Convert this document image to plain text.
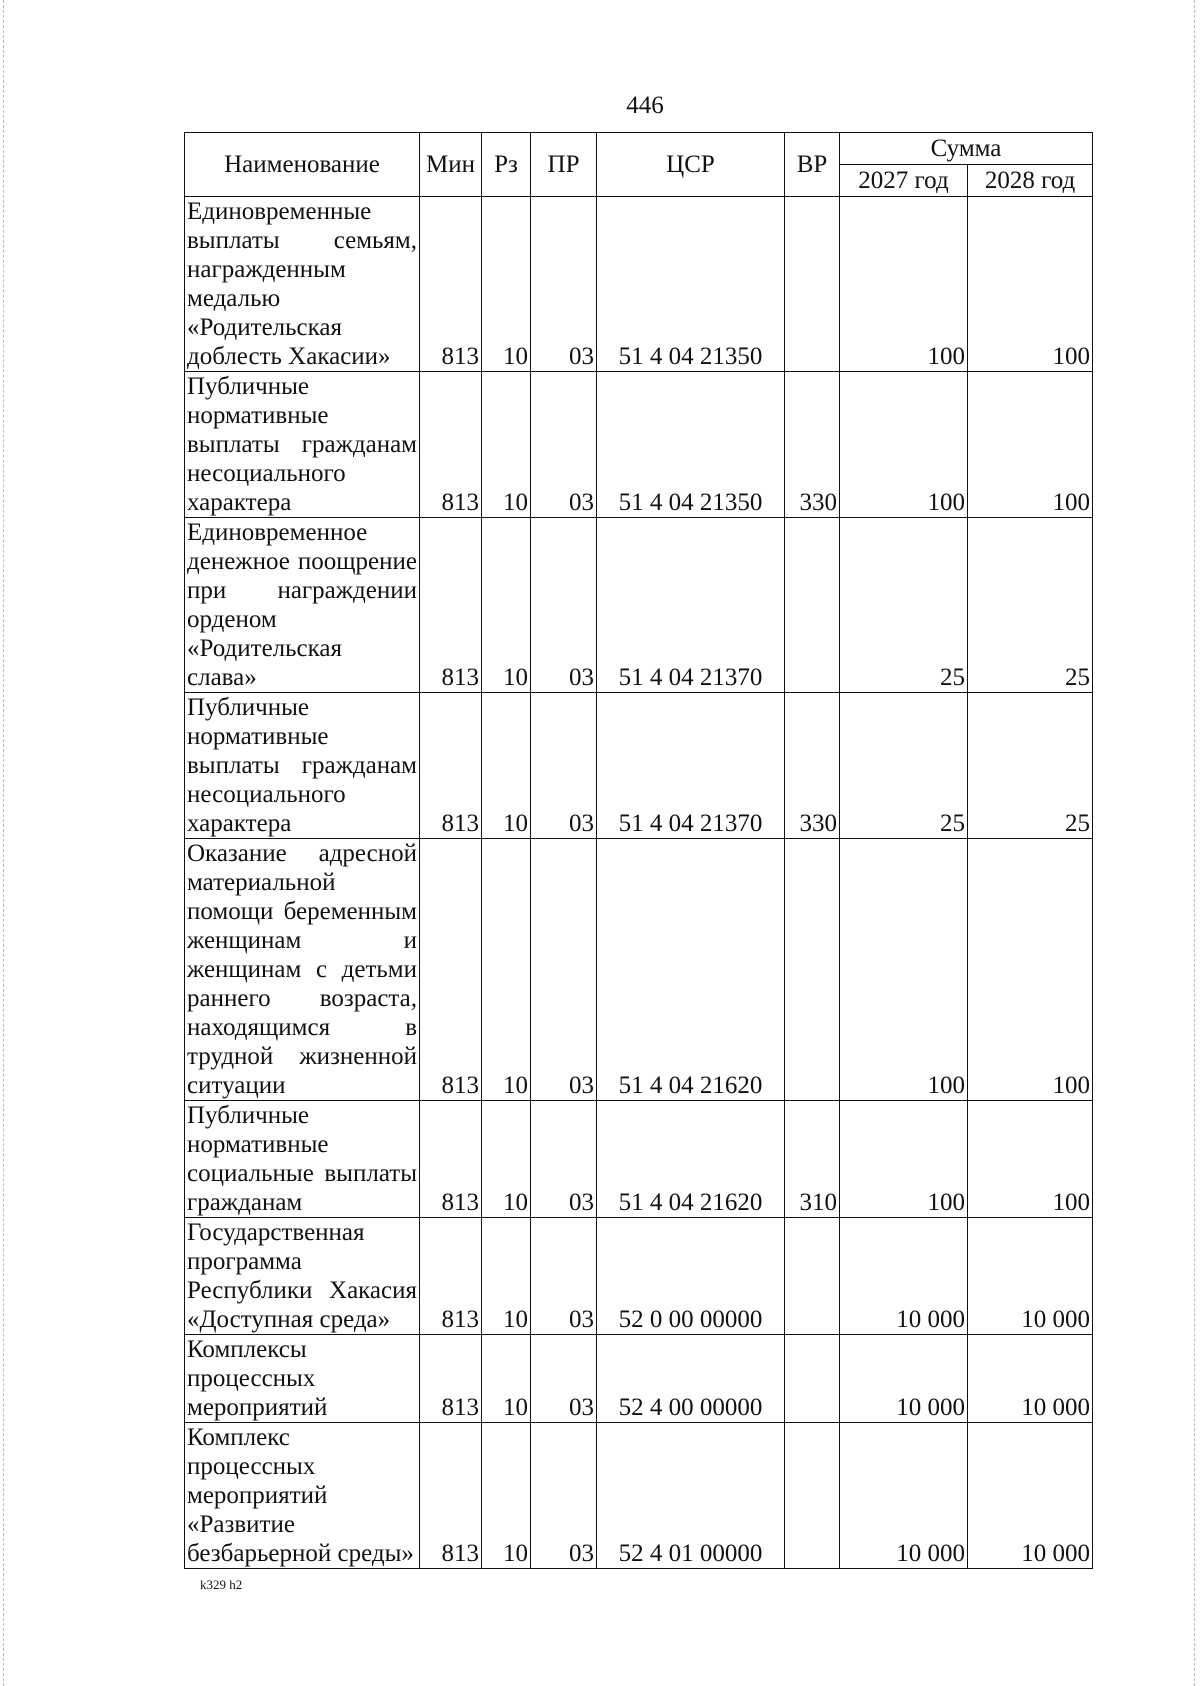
446
Наименование	Мин	Рз	ПР	ЦСР	ВР	Сумма	
						2027 год	2028 год
Единовременные выплаты семьям, награжденным медалью «Родительская доблесть Хакасии»	813	10	03	51 4 04 21350		100	100
Публичные нормативные выплаты гражданам несоциального характера	813	10	03	51 4 04 21350	330	100	100
Единовременное денежное поощрение при награждении орденом «Родительская слава»	813	10	03	51 4 04 21370		25	25
Публичные нормативные выплаты гражданам несоциального характера	813	10	03	51 4 04 21370	330	25	25
Оказание адресной материальной помощи беременным женщинам и женщинам с детьми раннего возраста, находящимся в трудной жизненной ситуации	813	10	03	51 4 04 21620		100	100
Публичные нормативные социальные выплаты гражданам	813	10	03	51 4 04 21620	310	100	100
Государственная программа Республики Хакасия «Доступная среда»	813	10	03	52 0 00 00000		10 000	10 000
Комплексы процессных мероприятий	813	10	03	52 4 00 00000		10 000	10 000
Комплекс процессных мероприятий «Развитие безбарьерной среды»	813	10	03	52 4 01 00000		10 000	10 000
k329 h2
